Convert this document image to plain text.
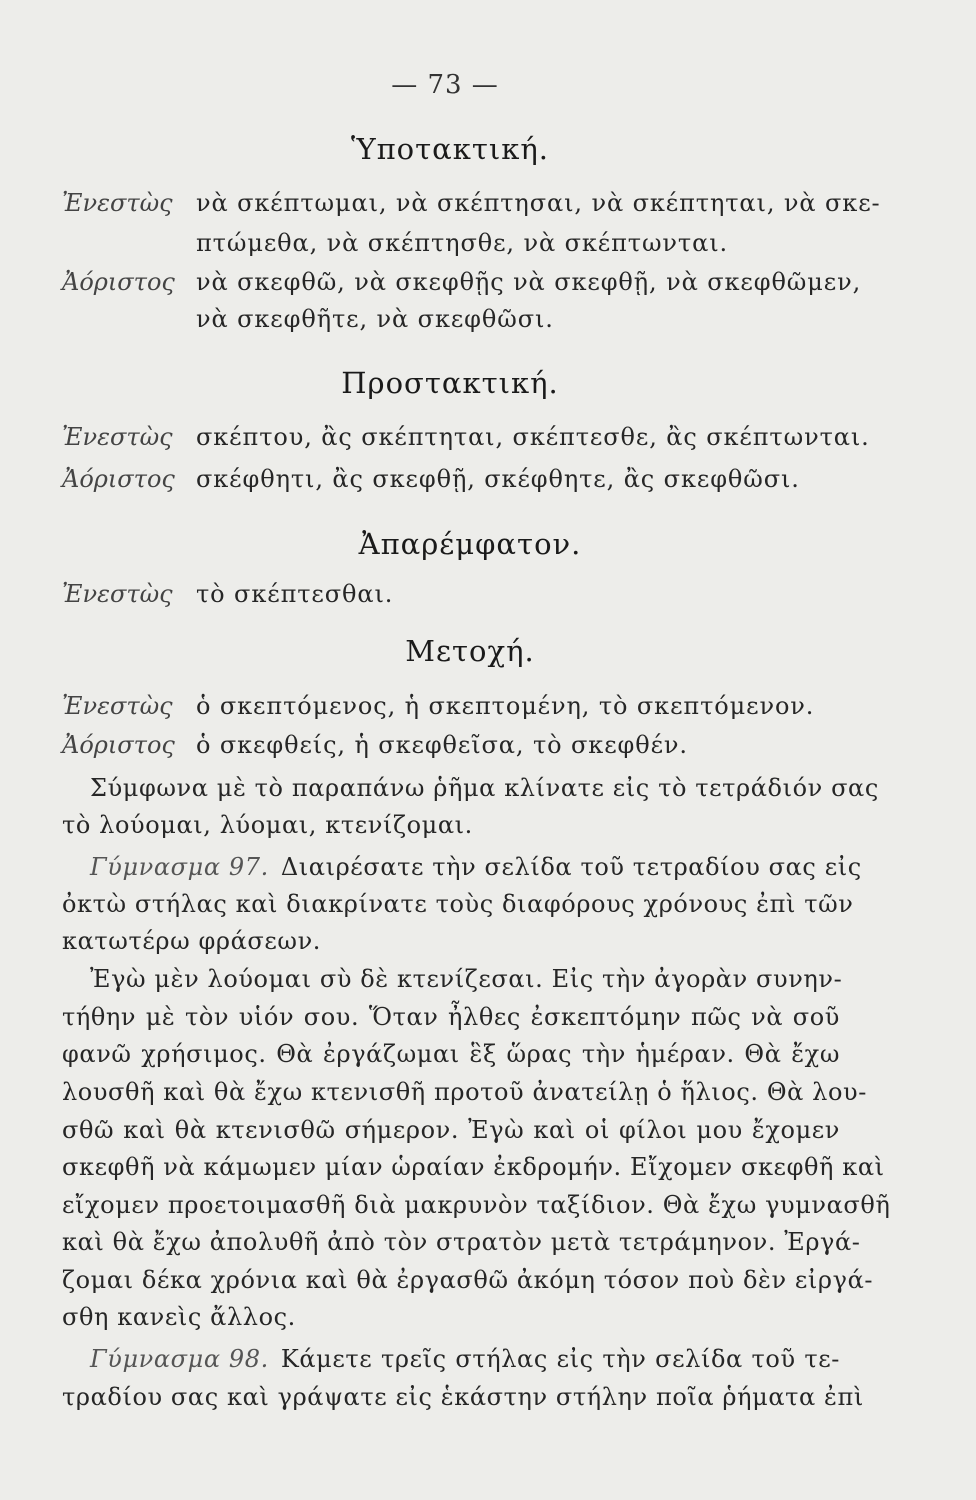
— 73 —
Ὑποτακτική.
Ἐνεστὼς νὰ σκέπτωμαι, νὰ σκέπτησαι, νὰ σκέπτηται, νὰ σκε-
πτώμεθα, νὰ σκέπτησθε, νὰ σκέπτωνται.
Ἀόριστος νὰ σκεφθῶ, νὰ σκεφθῇς νὰ σκεφθῇ, νὰ σκεφθῶμεν,
νὰ σκεφθῆτε, νὰ σκεφθῶσι.
Προστακτική.
Ἐνεστὼς σκέπτου, ἂς σκέπτηται, σκέπτεσθε, ἂς σκέπτωνται.
Ἀόριστος σκέφθητι, ἂς σκεφθῇ, σκέφθητε, ἂς σκεφθῶσι.
Ἀπαρέμφατον.
Ἐνεστὼς τὸ σκέπτεσθαι.
Μετοχή.
Ἐνεστὼς ὁ σκεπτόμενος, ἡ σκεπτομένη, τὸ σκεπτόμενον.
Ἀόριστος ὁ σκεφθείς, ἡ σκεφθεῖσα, τὸ σκεφθέν.
Σύμφωνα μὲ τὸ παραπάνω ῥῆμα κλίνατε εἰς τὸ τετράδιόν σας
τὸ λούομαι, λύομαι, κτενίζομαι.
Γύμνασμα 97. Διαιρέσατε τὴν σελίδα τοῦ τετραδίου σας εἰς
ὀκτὼ στήλας καὶ διακρίνατε τοὺς διαφόρους χρόνους ἐπὶ τῶν
κατωτέρω φράσεων.
Ἐγὼ μὲν λούομαι σὺ δὲ κτενίζεσαι. Εἰς τὴν ἀγορὰν συνην-
τήθην μὲ τὸν υἱόν σου. Ὅταν ἦλθες ἐσκεπτόμην πῶς νὰ σοῦ
φανῶ χρήσιμος. Θὰ ἐργάζωμαι ἓξ ὥρας τὴν ἡμέραν. Θὰ ἔχω
λουσθῆ καὶ θὰ ἔχω κτενισθῆ προτοῦ ἀνατείλῃ ὁ ἥλιος. Θὰ λου-
σθῶ καὶ θὰ κτενισθῶ σήμερον. Ἐγὼ καὶ οἱ φίλοι μου ἔχομεν
σκεφθῆ νὰ κάμωμεν μίαν ὡραίαν ἐκδρομήν. Εἴχομεν σκεφθῆ καὶ
εἴχομεν προετοιμασθῆ διὰ μακρυνὸν ταξίδιον. Θὰ ἔχω γυμνασθῆ
καὶ θὰ ἔχω ἀπολυθῆ ἀπὸ τὸν στρατὸν μετὰ τετράμηνον. Ἐργά-
ζομαι δέκα χρόνια καὶ θὰ ἐργασθῶ ἀκόμη τόσον ποὺ δὲν εἰργά-
σθη κανεὶς ἄλλος.
Γύμνασμα 98. Κάμετε τρεῖς στήλας εἰς τὴν σελίδα τοῦ τε-
τραδίου σας καὶ γράψατε εἰς ἑκάστην στήλην ποῖα ῥήματα ἐπὶ
